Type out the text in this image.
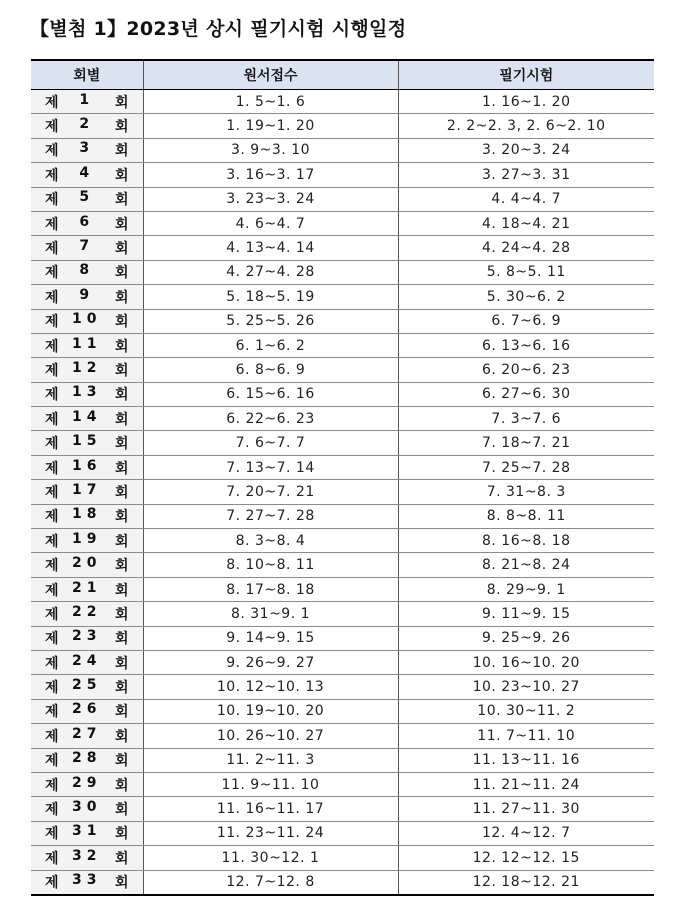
【별첨 1】2023년 상시 필기시험 시행일정
회별	원서접수	필기시험

제 1 회	1. 5~1. 6	1. 16~1. 20

제 2 회	1. 19~1. 20	2. 2~2. 3, 2. 6~2. 10

제 3 회	3. 9~3. 10	3. 20~3. 24

제 4 회	3. 16~3. 17	3. 27~3. 31

제 5 회	3. 23~3. 24	4. 4~4. 7

제 6 회	4. 6~4. 7	4. 18~4. 21

제 7 회	4. 13~4. 14	4. 24~4. 28

제 8 회	4. 27~4. 28	5. 8~5. 11

제 9 회	5. 18~5. 19	5. 30~6. 2

제 10 회	5. 25~5. 26	6. 7~6. 9

제 11 회	6. 1~6. 2	6. 13~6. 16

제 12 회	6. 8~6. 9	6. 20~6. 23

제 13 회	6. 15~6. 16	6. 27~6. 30

제 14 회	6. 22~6. 23	7. 3~7. 6

제 15 회	7. 6~7. 7	7. 18~7. 21

제 16 회	7. 13~7. 14	7. 25~7. 28

제 17 회	7. 20~7. 21	7. 31~8. 3

제 18 회	7. 27~7. 28	8. 8~8. 11

제 19 회	8. 3~8. 4	8. 16~8. 18

제 20 회	8. 10~8. 11	8. 21~8. 24

제 21 회	8. 17~8. 18	8. 29~9. 1

제 22 회	8. 31~9. 1	9. 11~9. 15

제 23 회	9. 14~9. 15	9. 25~9. 26

제 24 회	9. 26~9. 27	10. 16~10. 20

제 25 회	10. 12~10. 13	10. 23~10. 27

제 26 회	10. 19~10. 20	10. 30~11. 2

제 27 회	10. 26~10. 27	11. 7~11. 10

제 28 회	11. 2~11. 3	11. 13~11. 16

제 29 회	11. 9~11. 10	11. 21~11. 24

제 30 회	11. 16~11. 17	11. 27~11. 30

제 31 회	11. 23~11. 24	12. 4~12. 7

제 32 회	11. 30~12. 1	12. 12~12. 15

제 33 회	12. 7~12. 8	12. 18~12. 21
